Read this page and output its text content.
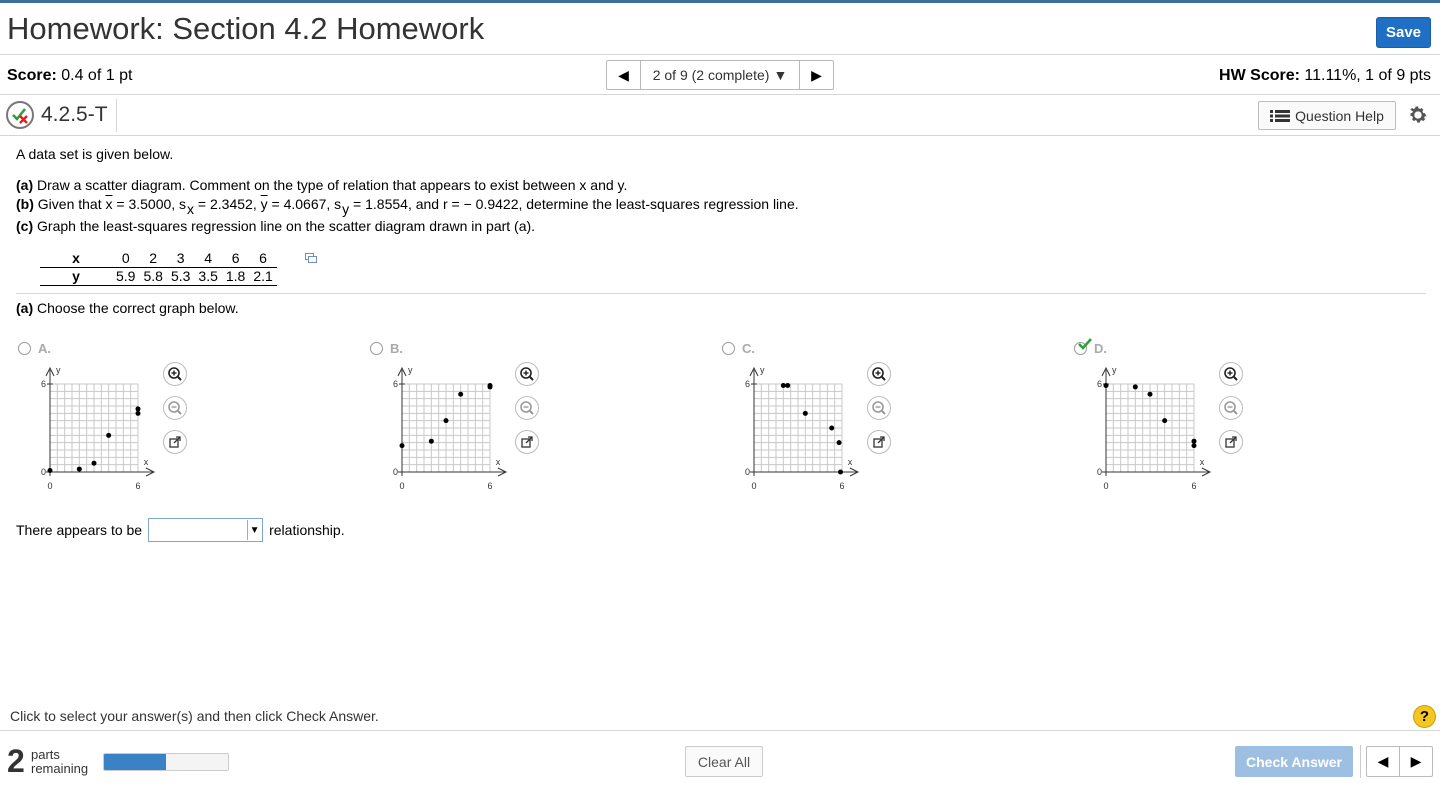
Homework: Section 4.2 Homework	Save
Score: 0.4 of 1 pt	◀ 2 of 9 (2 complete) ▼ ▶	HW Score: 11.11%, 1 of 9 pts
4.2.5-T	Question Help
A data set is given below.
(a) Draw a scatter diagram. Comment on the type of relation that appears to exist between x and y.
(b) Given that $\overline{x} = 3.5000$, sx = 2.3452, $\overline{y} = 4.0667$, sy = 1.8554, and r = − 0.9422, determine the least-squares regression line.
(c) Graph the least-squares regression line on the scatter diagram drawn in part (a).
x	0	2	3	4	6	6
y	5.9	5.8	5.3	3.5	1.8	2.1
(a) Choose the correct graph below.
A.
y
x
6
0
0	6
B.
y
x
6
0
0	6
C.
y
x
6
0
0	6
D.
y
x
6
0
0	6
There appears to be	▼ relationship.
Click to select your answer(s) and then click Check Answer.	?
2 parts
remaining	Clear All	Check Answer	◀ ▶
